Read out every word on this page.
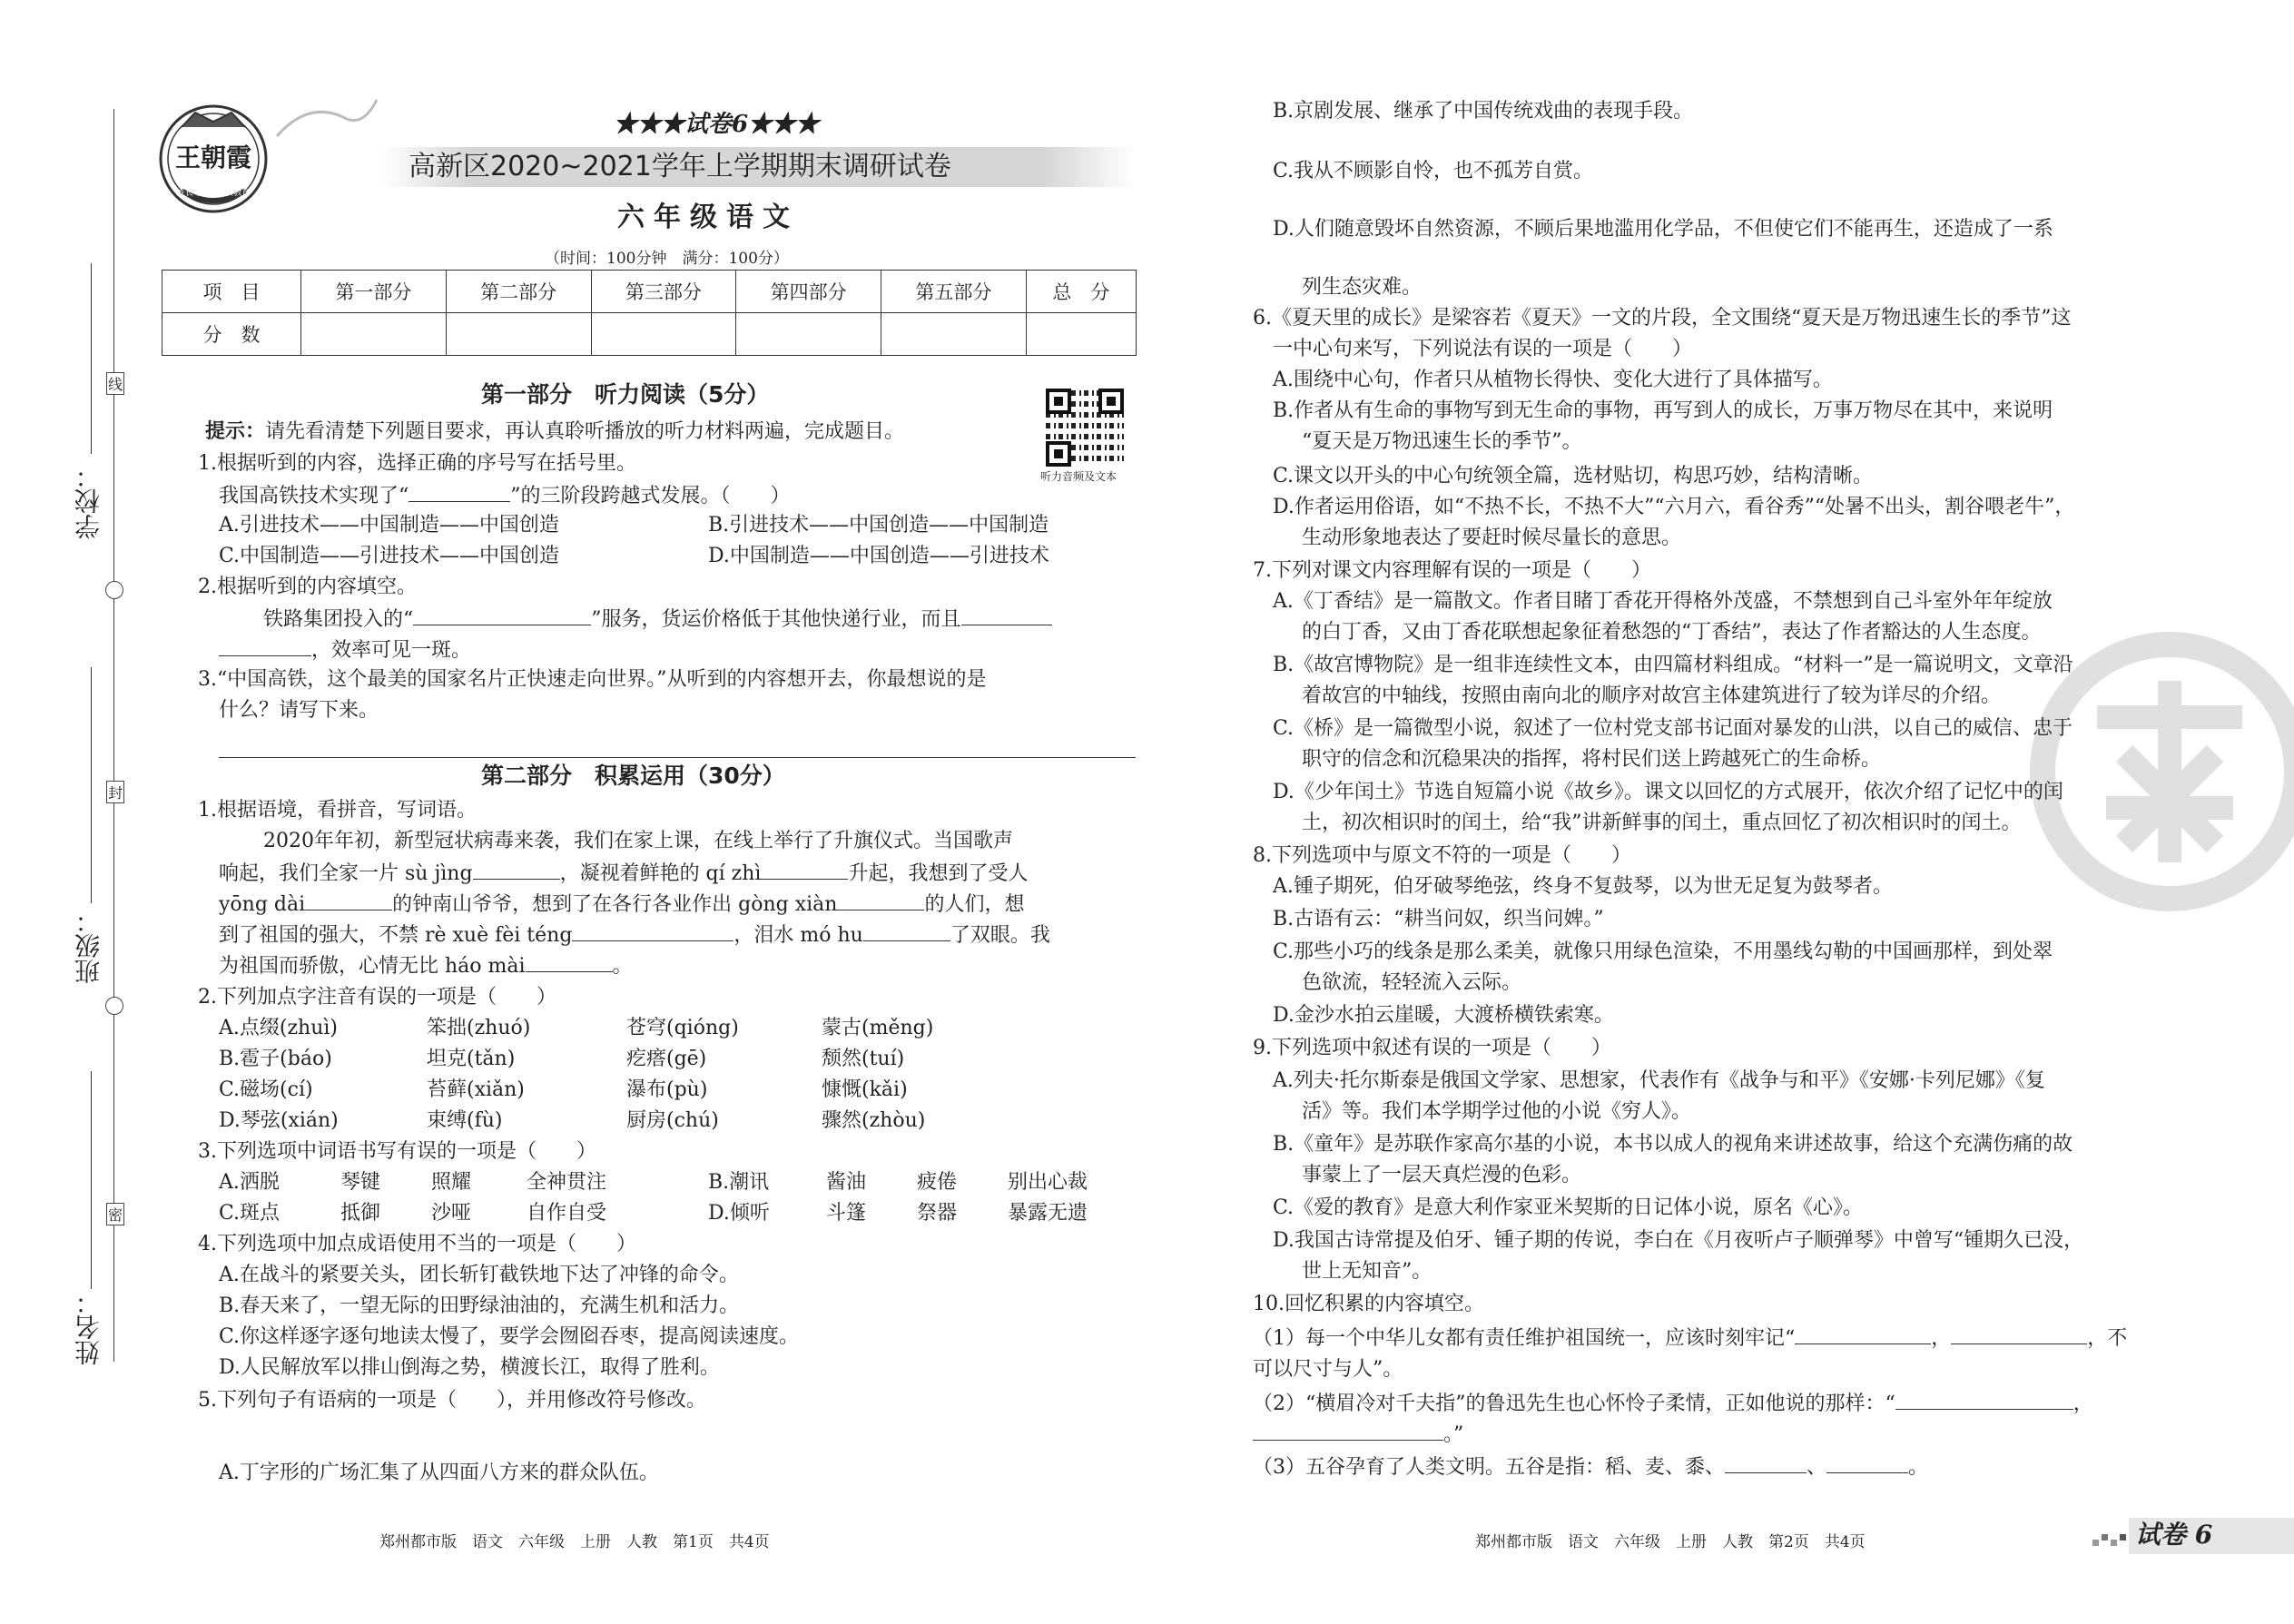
线
封
密
学校：
班级：
姓名：
王朝霞
成长考点 · 品质教育
★★★试卷6★★★
高新区2020~2021学年上学期期末调研试卷
六年级语文
（时间：100分钟　满分：100分）
项　目	第一部分	第二部分	第三部分	第四部分	第五部分	总　分
分　数						
第一部分　听力阅读（5分）
听力音频及文本
提示：请先看清楚下列题目要求，再认真聆听播放的听力材料两遍，完成题目。
1.根据听到的内容，选择正确的序号写在括号里。
我国高铁技术实现了“	”的三阶段跨越式发展。（　　）
A.引进技术——中国制造——中国创造	B.引进技术——中国创造——中国制造
C.中国制造——引进技术——中国创造	D.中国制造——中国创造——引进技术
2.根据听到的内容填空。
铁路集团投入的“	”服务，货运价格低于其他快递行业，而且
，效率可见一斑。
3.“中国高铁，这个最美的国家名片正快速走向世界。”从听到的内容想开去，你最想说的是
什么？请写下来。
第二部分　积累运用（30分）
1.根据语境，看拼音，写词语。
2020年年初，新型冠状病毒来袭，我们在家上课，在线上举行了升旗仪式。当国歌声
响起，我们全家一片 sù jìng	，凝视着鲜艳的 qí zhì	升起，我想到了受人
yōng dài	的钟南山爷爷，想到了在各行各业作出 gòng xiàn	的人们，想
到了祖国的强大，不禁 rè xuè fèi téng	，泪水 mó hu	了双眼。我
为祖国而骄傲，心情无比 háo mài	。
2.下列加点字注音有误的一项是（　　）
A.点缀(zhuì)	笨拙(zhuó)	苍穹(qióng)	蒙古(měng)
B.雹子(báo)	坦克(tǎn)	疙瘩(gē)	颓然(tuí)
C.磁场(cí)	苔藓(xiǎn)	瀑布(pù)	慷慨(kǎi)
D.琴弦(xián)	束缚(fù)	厨房(chú)	骤然(zhòu)
3.下列选项中词语书写有误的一项是（　　）
A.洒脱	琴键	照耀	全神贯注	B.潮讯	酱油	疲倦	别出心裁
C.斑点	抵御	沙哑	自作自受	D.倾听	斗篷	祭器	暴露无遗
4.下列选项中加点成语使用不当的一项是（　　）
A.在战斗的紧要关头，团长斩钉截铁地下达了冲锋的命令。
B.春天来了，一望无际的田野绿油油的，充满生机和活力。
C.你这样逐字逐句地读太慢了，要学会囫囵吞枣，提高阅读速度。
D.人民解放军以排山倒海之势，横渡长江，取得了胜利。
5.下列句子有语病的一项是（　　），并用修改符号修改。
A.丁字形的广场汇集了从四面八方来的群众队伍。
郑州都市版　语文　六年级　上册　人教　第1页　共4页
B.京剧发展、继承了中国传统戏曲的表现手段。
C.我从不顾影自怜，也不孤芳自赏。
D.人们随意毁坏自然资源，不顾后果地滥用化学品，不但使它们不能再生，还造成了一系
列生态灾难。
6.《夏天里的成长》是梁容若《夏天》一文的片段，全文围绕“夏天是万物迅速生长的季节”这
一中心句来写，下列说法有误的一项是（　　）
A.围绕中心句，作者只从植物长得快、变化大进行了具体描写。
B.作者从有生命的事物写到无生命的事物，再写到人的成长，万事万物尽在其中，来说明
“夏天是万物迅速生长的季节”。
C.课文以开头的中心句统领全篇，选材贴切，构思巧妙，结构清晰。
D.作者运用俗语，如“不热不长，不热不大”“六月六，看谷秀”“处暑不出头，割谷喂老牛”，
生动形象地表达了要赶时候尽量长的意思。
7.下列对课文内容理解有误的一项是（　　）
A.《丁香结》是一篇散文。作者目睹丁香花开得格外茂盛，不禁想到自己斗室外年年绽放
的白丁香，又由丁香花联想起象征着愁怨的“丁香结”，表达了作者豁达的人生态度。
B.《故宫博物院》是一组非连续性文本，由四篇材料组成。“材料一”是一篇说明文，文章沿
着故宫的中轴线，按照由南向北的顺序对故宫主体建筑进行了较为详尽的介绍。
C.《桥》是一篇微型小说，叙述了一位村党支部书记面对暴发的山洪，以自己的威信、忠于
职守的信念和沉稳果决的指挥，将村民们送上跨越死亡的生命桥。
D.《少年闰土》节选自短篇小说《故乡》。课文以回忆的方式展开，依次介绍了记忆中的闰
土，初次相识时的闰土，给“我”讲新鲜事的闰土，重点回忆了初次相识时的闰土。
8.下列选项中与原文不符的一项是（　　）
A.锺子期死，伯牙破琴绝弦，终身不复鼓琴，以为世无足复为鼓琴者。
B.古语有云：“耕当问奴，织当问婢。”
C.那些小巧的线条是那么柔美，就像只用绿色渲染，不用墨线勾勒的中国画那样，到处翠
色欲流，轻轻流入云际。
D.金沙水拍云崖暖，大渡桥横铁索寒。
9.下列选项中叙述有误的一项是（　　）
A.列夫·托尔斯泰是俄国文学家、思想家，代表作有《战争与和平》《安娜·卡列尼娜》《复
活》等。我们本学期学过他的小说《穷人》。
B.《童年》是苏联作家高尔基的小说，本书以成人的视角来讲述故事，给这个充满伤痛的故
事蒙上了一层天真烂漫的色彩。
C.《爱的教育》是意大利作家亚米契斯的日记体小说，原名《心》。
D.我国古诗常提及伯牙、锺子期的传说，李白在《月夜听卢子顺弹琴》中曾写“锺期久已没，
世上无知音”。
10.回忆积累的内容填空。
（1）每一个中华儿女都有责任维护祖国统一，应该时刻牢记“	，	，不
可以尺寸与人”。
（2）“横眉冷对千夫指”的鲁迅先生也心怀怜子柔情，正如他说的那样：“	，
。”
（3）五谷孕育了人类文明。五谷是指：稻、麦、黍、	、	。
郑州都市版　语文　六年级　上册　人教　第2页　共4页	试卷 6
